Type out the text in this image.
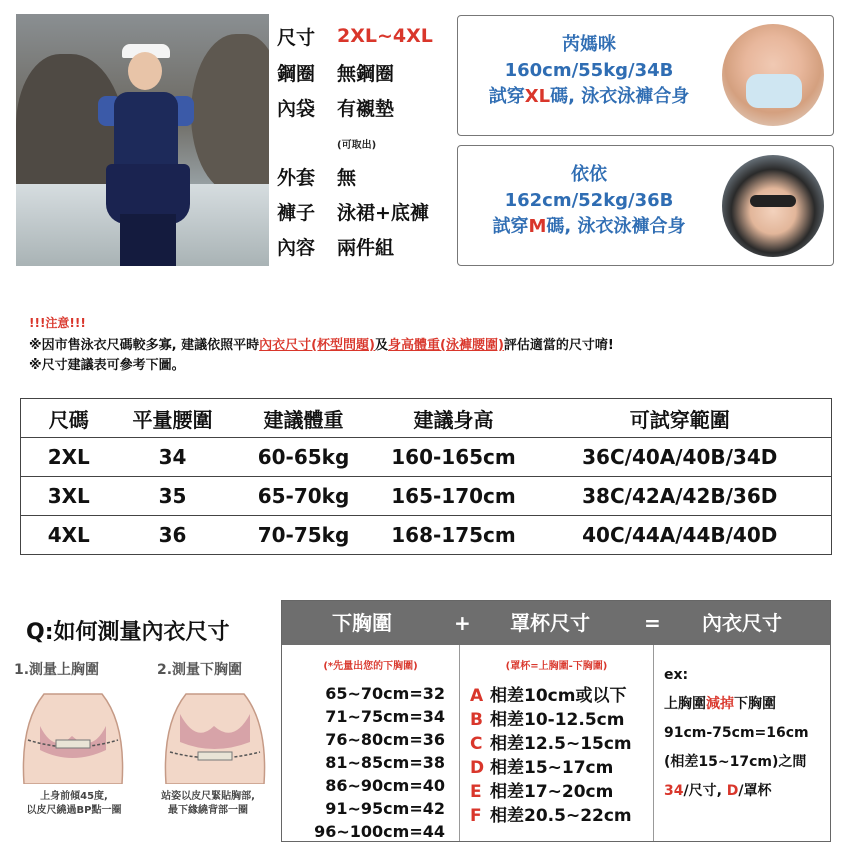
尺寸	2XL~4XL
鋼圈	無鋼圈
內袋	有襯墊
(可取出)
外套	無
褲子	泳裙+底褲
內容	兩件組
芮媽咪
160cm/55kg/34B
試穿XL碼, 泳衣泳褲合身
依依
162cm/52kg/36B
試穿M碼, 泳衣泳褲合身
!!!注意!!!
※因市售泳衣尺碼較多寡, 建議依照平時內衣尺寸(杯型問題)及身高體重(泳褲腰圍)評估適當的尺寸唷!
※尺寸建議表可參考下圖。
尺碼	平量腰圍	建議體重	建議身高	可試穿範圍
2XL	34	60-65kg	160-165cm	36C/40A/40B/34D
3XL	35	65-70kg	165-170cm	38C/42A/42B/36D
4XL	36	70-75kg	168-175cm	40C/44A/44B/40D
Q:如何測量內衣尺寸
1.測量上胸圍	2.測量下胸圍
上身前傾45度,
以皮尺繞過BP點一圈
站姿以皮尺緊貼胸部,
最下緣繞背部一圈
下胸圍	+ 罩杯尺寸	= 內衣尺寸
(*先量出您的下胸圍)
65~70cm=32
71~75cm=34
76~80cm=36
81~85cm=38
86~90cm=40
91~95cm=42
96~100cm=44
(罩杯=上胸圍-下胸圍)
A 相差10cm或以下
B 相差10-12.5cm
C 相差12.5~15cm
D 相差15~17cm
E 相差17~20cm
F 相差20.5~22cm
ex:
上胸圍減掉下胸圍
91cm-75cm=16cm
(相差15~17cm)之間
34/尺寸, D/罩杯
